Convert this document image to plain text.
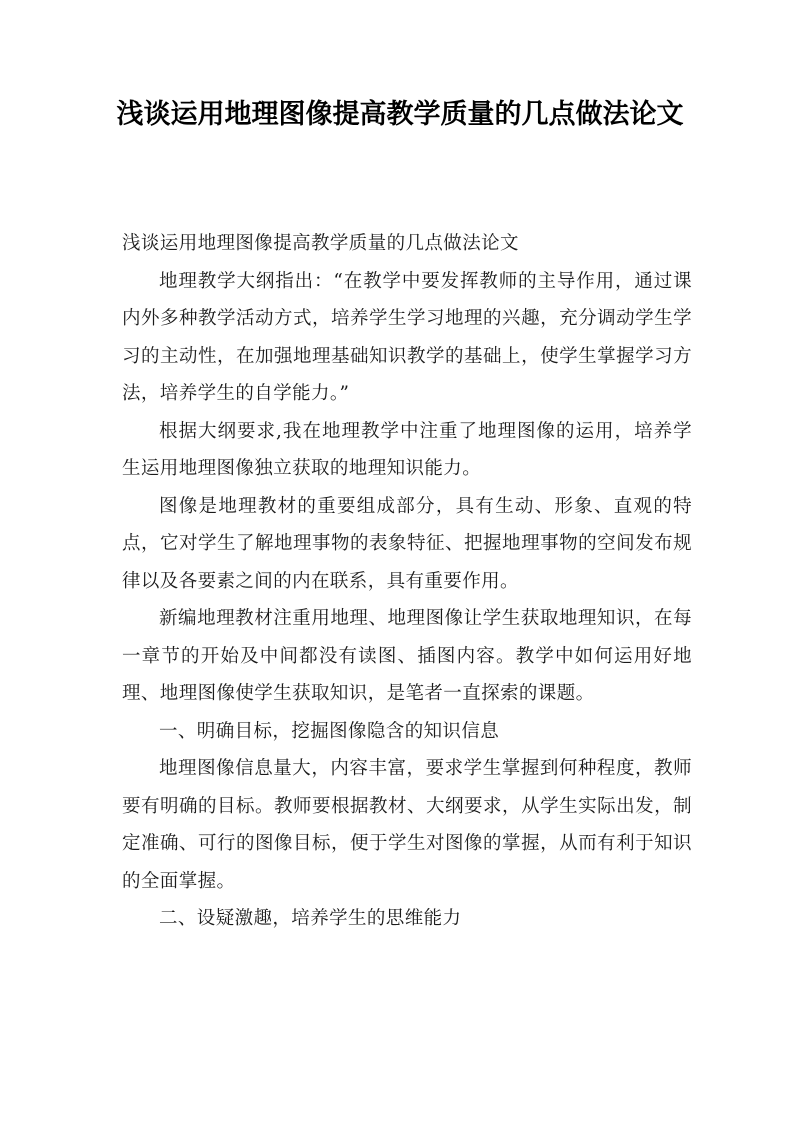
浅谈运用地理图像提高教学质量的几点做法论文

浅谈运用地理图像提高教学质量的几点做法论文

地理教学大纲指出：“在教学中要发挥教师的主导作用，通过课内外多种教学活动方式，培养学生学习地理的兴趣，充分调动学生学习的主动性，在加强地理基础知识教学的基础上，使学生掌握学习方法，培养学生的自学能力。”

根据大纲要求,我在地理教学中注重了地理图像的运用，培养学生运用地理图像独立获取的地理知识能力。

图像是地理教材的重要组成部分，具有生动、形象、直观的特点，它对学生了解地理事物的表象特征、把握地理事物的空间发布规律以及各要素之间的内在联系，具有重要作用。

新编地理教材注重用地理、地理图像让学生获取地理知识，在每一章节的开始及中间都没有读图、插图内容。教学中如何运用好地理、地理图像使学生获取知识，是笔者一直探索的课题。

一、明确目标，挖掘图像隐含的知识信息

地理图像信息量大，内容丰富，要求学生掌握到何种程度，教师要有明确的目标。教师要根据教材、大纲要求，从学生实际出发，制定准确、可行的图像目标，便于学生对图像的掌握，从而有利于知识的全面掌握。

二、设疑激趣，培养学生的思维能力
